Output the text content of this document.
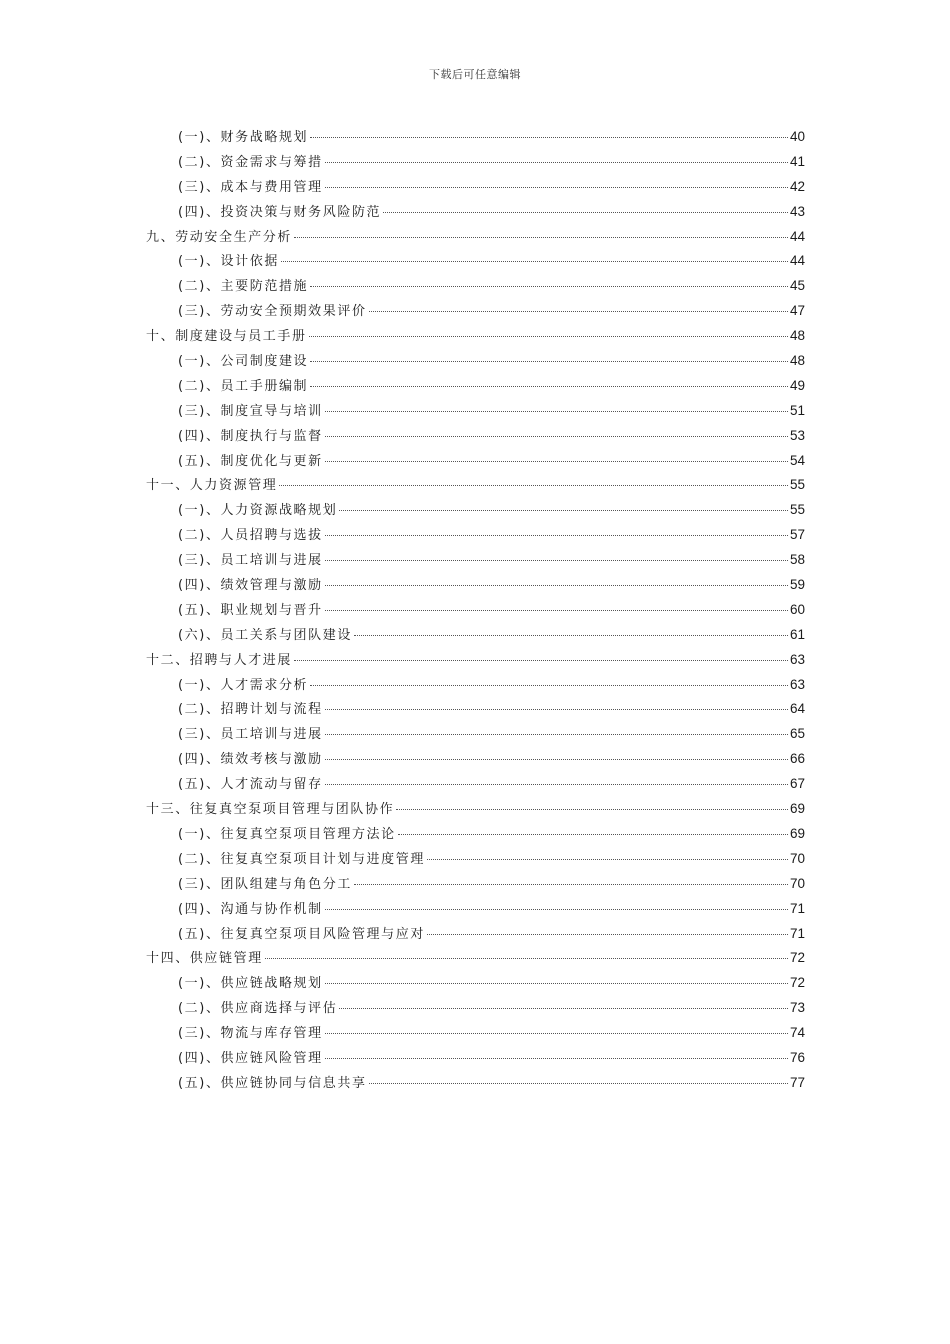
下载后可任意编辑
(一)、财务战略规划	40
(二)、资金需求与筹措	41
(三)、成本与费用管理	42
(四)、投资决策与财务风险防范	43
九、劳动安全生产分析	44
(一)、设计依据	44
(二)、主要防范措施	45
(三)、劳动安全预期效果评价	47
十、制度建设与员工手册	48
(一)、公司制度建设	48
(二)、员工手册编制	49
(三)、制度宣导与培训	51
(四)、制度执行与监督	53
(五)、制度优化与更新	54
十一、人力资源管理	55
(一)、人力资源战略规划	55
(二)、人员招聘与选拔	57
(三)、员工培训与进展	58
(四)、绩效管理与激励	59
(五)、职业规划与晋升	60
(六)、员工关系与团队建设	61
十二、招聘与人才进展	63
(一)、人才需求分析	63
(二)、招聘计划与流程	64
(三)、员工培训与进展	65
(四)、绩效考核与激励	66
(五)、人才流动与留存	67
十三、往复真空泵项目管理与团队协作	69
(一)、往复真空泵项目管理方法论	69
(二)、往复真空泵项目计划与进度管理	70
(三)、团队组建与角色分工	70
(四)、沟通与协作机制	71
(五)、往复真空泵项目风险管理与应对	71
十四、供应链管理	72
(一)、供应链战略规划	72
(二)、供应商选择与评估	73
(三)、物流与库存管理	74
(四)、供应链风险管理	76
(五)、供应链协同与信息共享	77
